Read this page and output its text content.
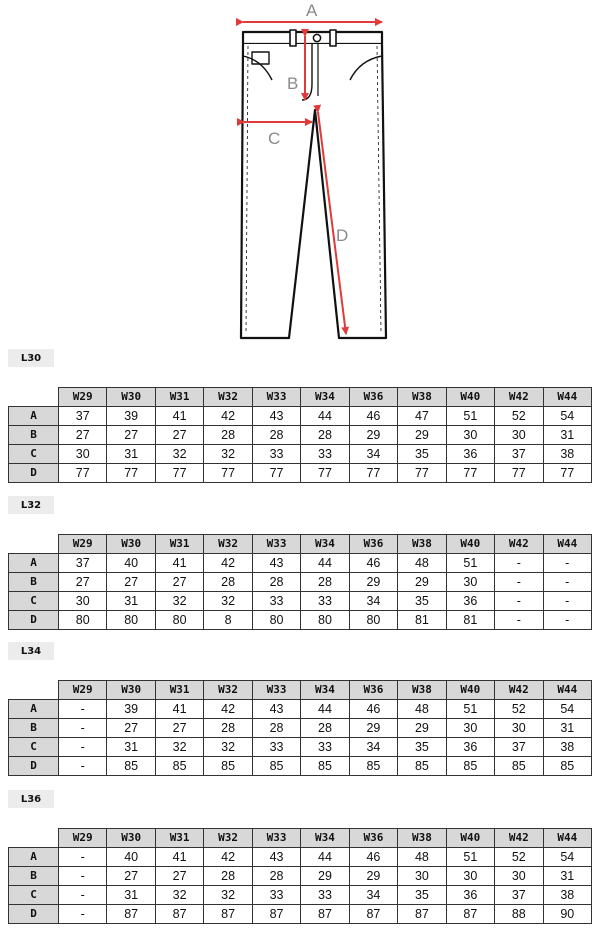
A
B
C
D
L30
	W29	W30	W31	W32	W33	W34	W36	W38	W40	W42	W44
A	37	39	41	42	43	44	46	47	51	52	54
B	27	27	27	28	28	28	29	29	30	30	31
C	30	31	32	32	33	33	34	35	36	37	38
D	77	77	77	77	77	77	77	77	77	77	77
L32
	W29	W30	W31	W32	W33	W34	W36	W38	W40	W42	W44
A	37	40	41	42	43	44	46	48	51	-	-
B	27	27	27	28	28	28	29	29	30	-	-
C	30	31	32	32	33	33	34	35	36	-	-
D	80	80	80	8	80	80	80	81	81	-	-
L34
	W29	W30	W31	W32	W33	W34	W36	W38	W40	W42	W44
A	-	39	41	42	43	44	46	48	51	52	54
B	-	27	27	28	28	28	29	29	30	30	31
C	-	31	32	32	33	33	34	35	36	37	38
D	-	85	85	85	85	85	85	85	85	85	85
L36
	W29	W30	W31	W32	W33	W34	W36	W38	W40	W42	W44
A	-	40	41	42	43	44	46	48	51	52	54
B	-	27	27	28	28	29	29	30	30	30	31
C	-	31	32	32	33	33	34	35	36	37	38
D	-	87	87	87	87	87	87	87	87	88	90
